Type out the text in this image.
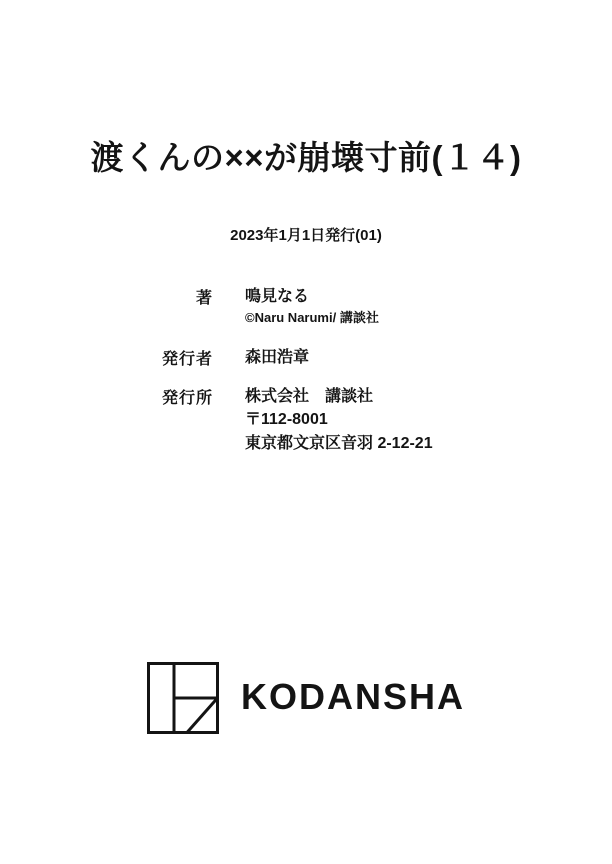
渡くんの××が崩壊寸前(１４)
2023年1月1日発行(01)
著 鳴見なる
©Naru Narumi/ 講談社
発行者 森田浩章
発行所 株式会社　講談社
〒112-8001
東京都文京区音羽 2-12-21
KODANSHA
